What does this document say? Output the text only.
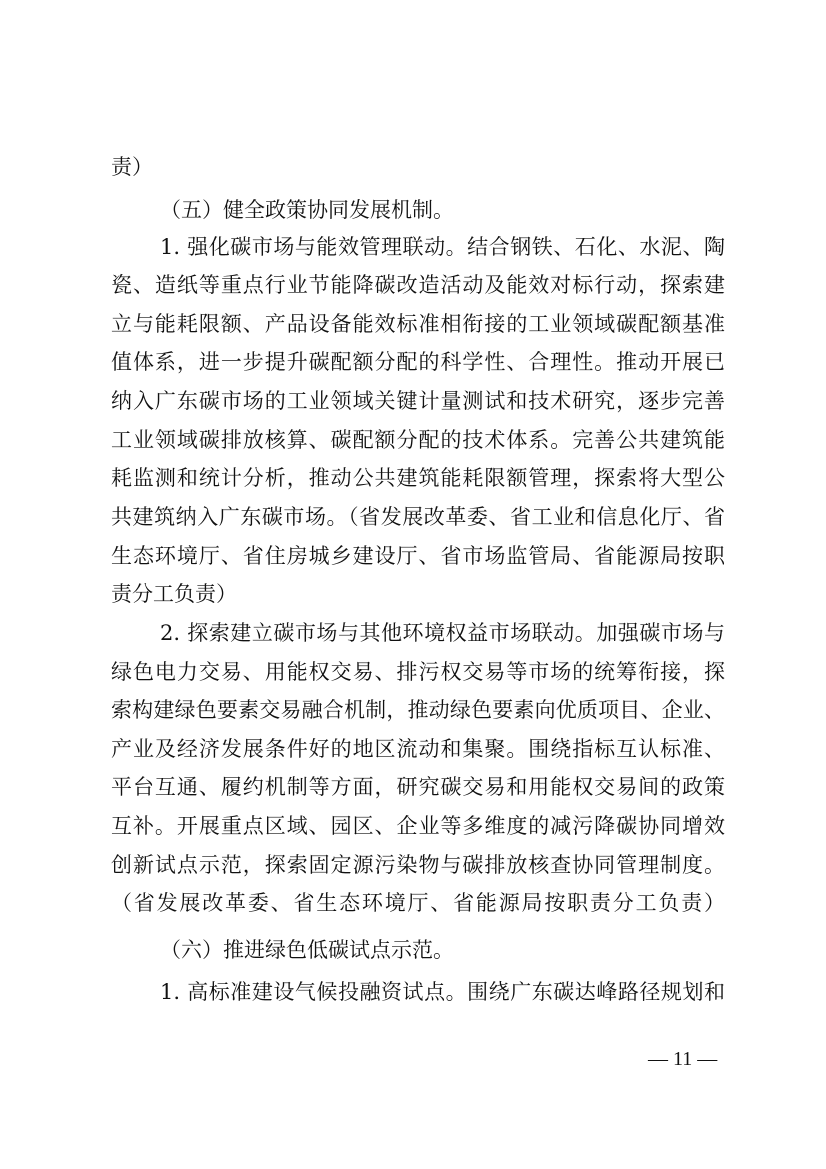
责）
（五）健全政策协同发展机制。
1. 强化碳市场与能效管理联动。结合钢铁、石化、水泥、陶
瓷、造纸等重点行业节能降碳改造活动及能效对标行动，探索建
立与能耗限额、产品设备能效标准相衔接的工业领域碳配额基准
值体系，进一步提升碳配额分配的科学性、合理性。推动开展已
纳入广东碳市场的工业领域关键计量测试和技术研究，逐步完善
工业领域碳排放核算、碳配额分配的技术体系。完善公共建筑能
耗监测和统计分析，推动公共建筑能耗限额管理，探索将大型公
共建筑纳入广东碳市场。（省发展改革委、省工业和信息化厅、省
生态环境厅、省住房城乡建设厅、省市场监管局、省能源局按职
责分工负责）
2. 探索建立碳市场与其他环境权益市场联动。加强碳市场与
绿色电力交易、用能权交易、排污权交易等市场的统筹衔接，探
索构建绿色要素交易融合机制，推动绿色要素向优质项目、企业、
产业及经济发展条件好的地区流动和集聚。围绕指标互认标准、
平台互通、履约机制等方面，研究碳交易和用能权交易间的政策
互补。开展重点区域、园区、企业等多维度的减污降碳协同增效
创新试点示范，探索固定源污染物与碳排放核查协同管理制度。
（省发展改革委、省生态环境厅、省能源局按职责分工负责）
（六）推进绿色低碳试点示范。
1. 高标准建设气候投融资试点。围绕广东碳达峰路径规划和
— 11 —
